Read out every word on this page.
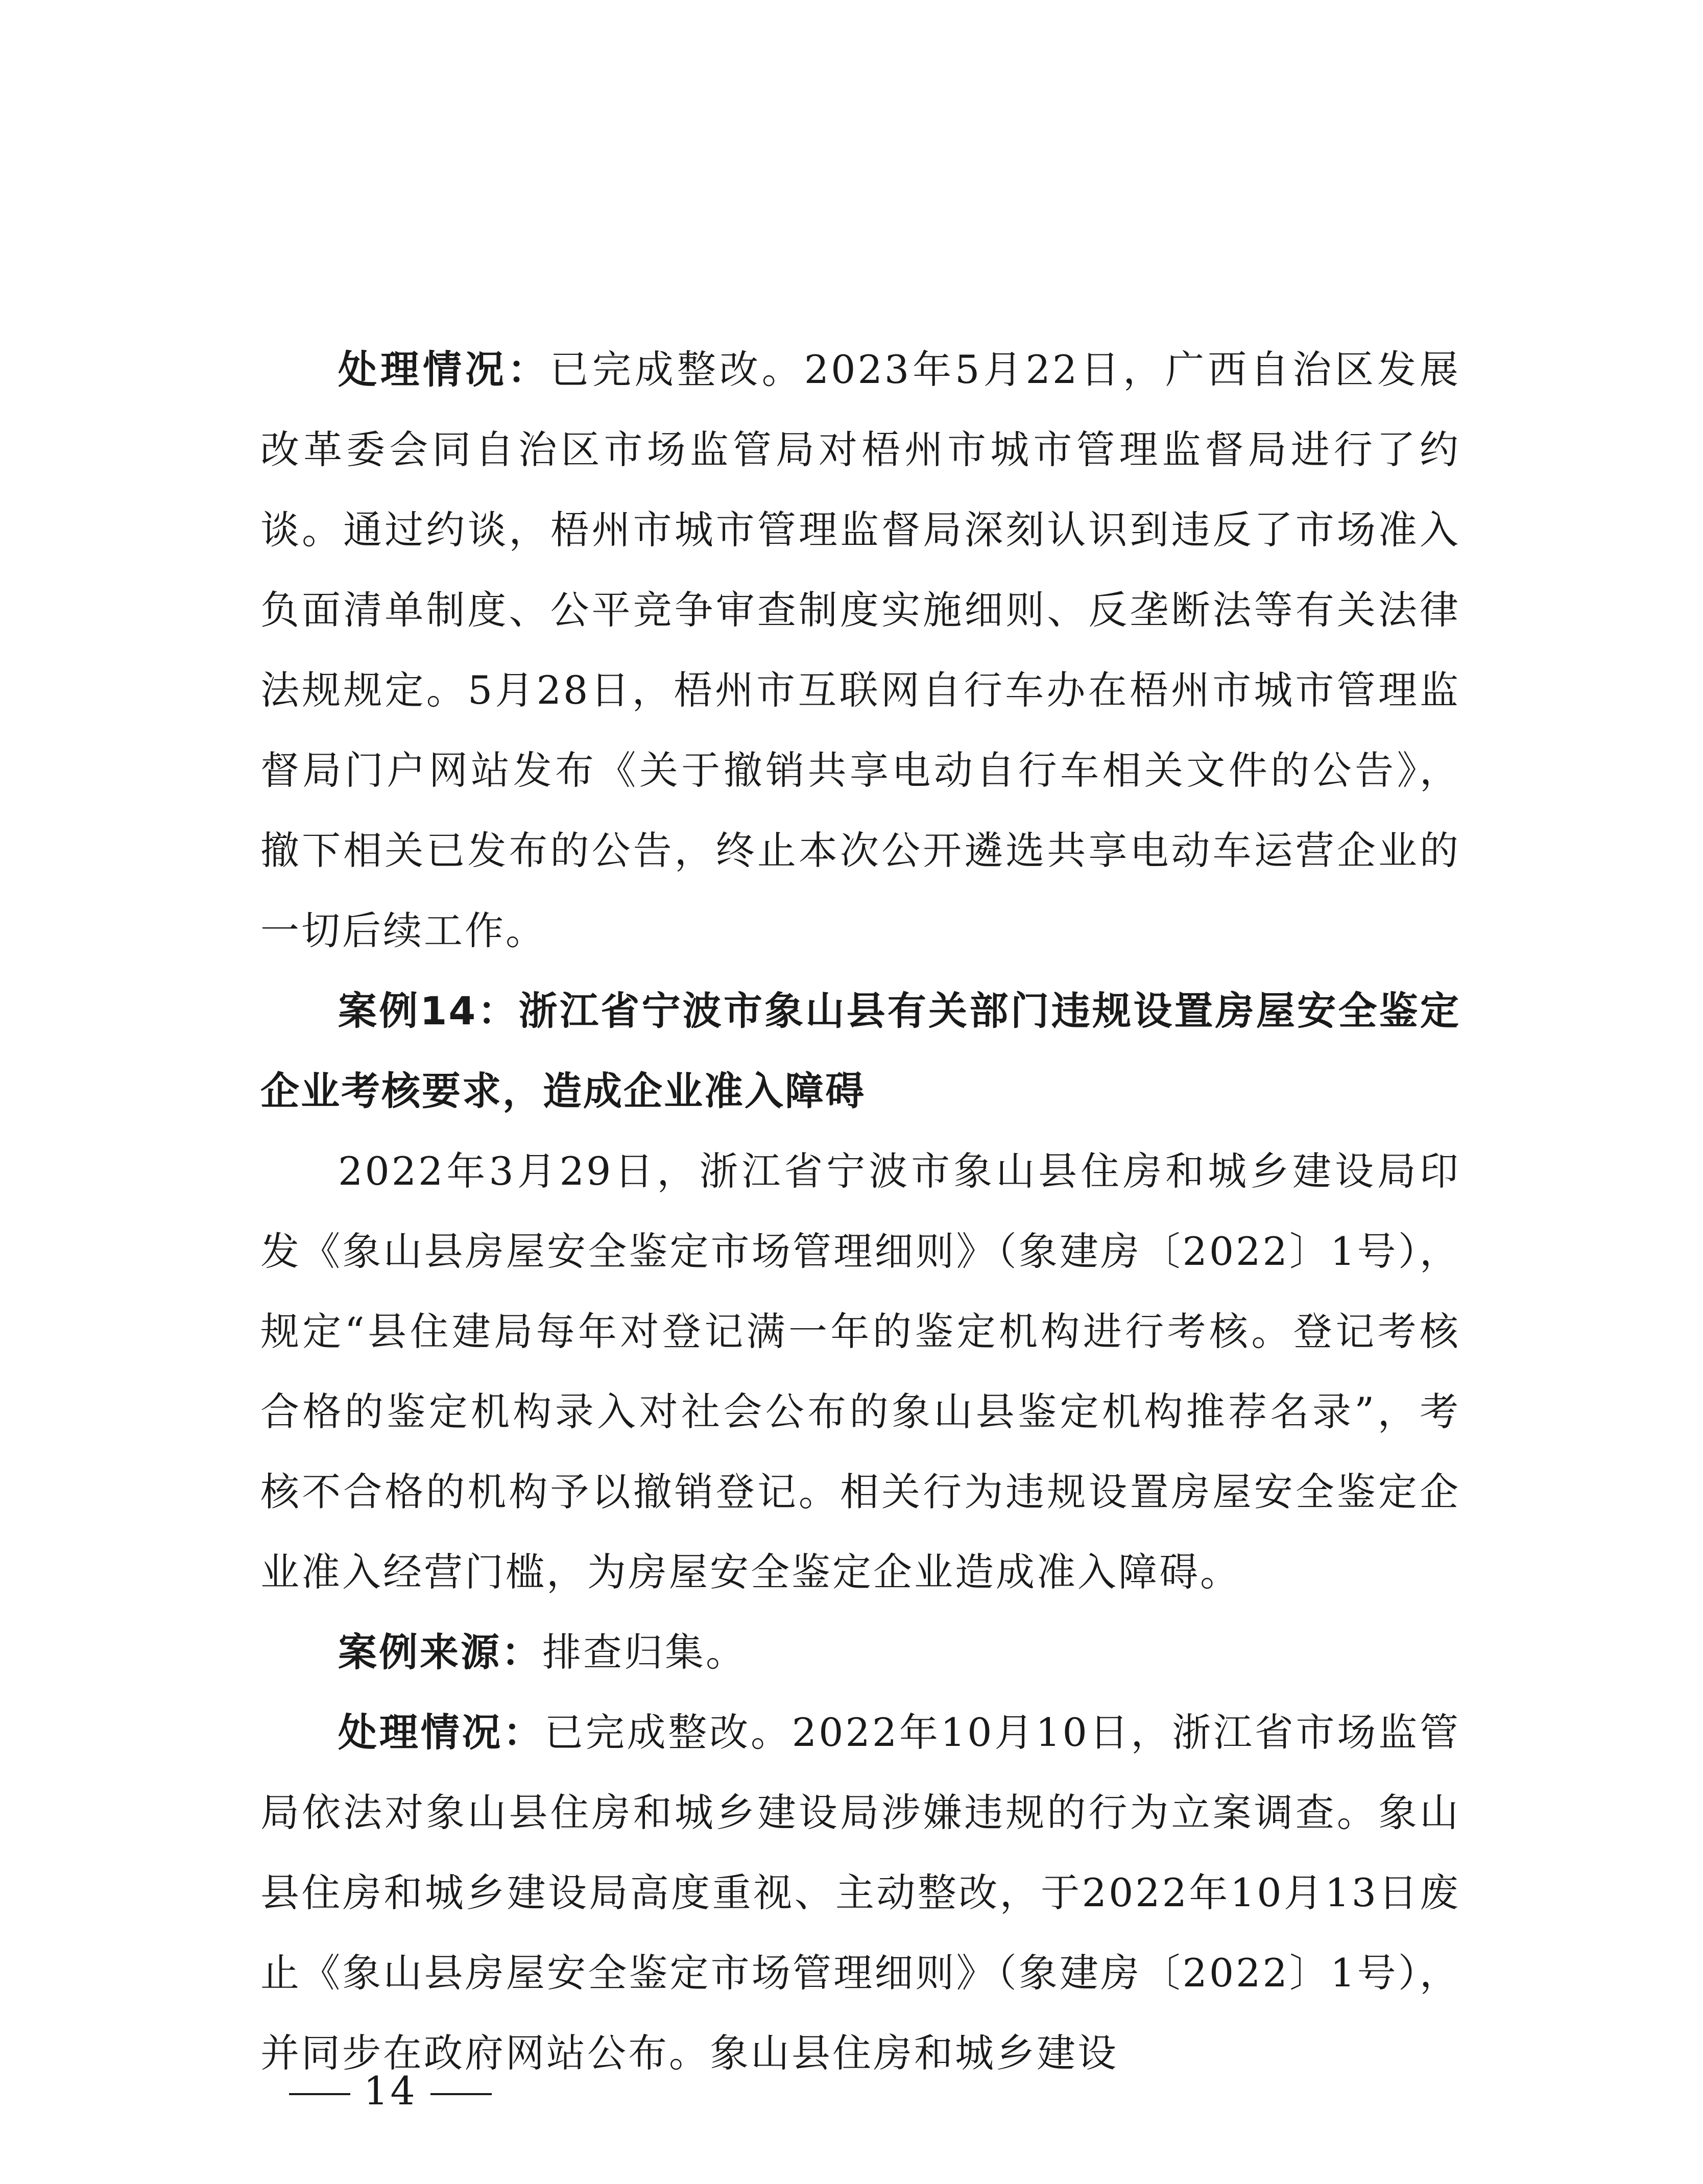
处理情况：已完成整改。2023年5月22日，广西自治区发展改革委会同自治区市场监管局对梧州市城市管理监督局进行了约谈。通过约谈，梧州市城市管理监督局深刻认识到违反了市场准入负面清单制度、公平竞争审查制度实施细则、反垄断法等有关法律法规规定。5月28日，梧州市互联网自行车办在梧州市城市管理监督局门户网站发布《关于撤销共享电动自行车相关文件的公告》，撤下相关已发布的公告，终止本次公开遴选共享电动车运营企业的一切后续工作。

案例14：浙江省宁波市象山县有关部门违规设置房屋安全鉴定企业考核要求，造成企业准入障碍

2022年3月29日，浙江省宁波市象山县住房和城乡建设局印发《象山县房屋安全鉴定市场管理细则》（象建房〔2022〕1号），规定“县住建局每年对登记满一年的鉴定机构进行考核。登记考核合格的鉴定机构录入对社会公布的象山县鉴定机构推荐名录”，考核不合格的机构予以撤销登记。相关行为违规设置房屋安全鉴定企业准入经营门槛，为房屋安全鉴定企业造成准入障碍。

案例来源：排查归集。

处理情况：已完成整改。2022年10月10日，浙江省市场监管局依法对象山县住房和城乡建设局涉嫌违规的行为立案调查。象山县住房和城乡建设局高度重视、主动整改，于2022年10月13日废止《象山县房屋安全鉴定市场管理细则》（象建房〔2022〕1号），并同步在政府网站公布。象山县住房和城乡建设

14
